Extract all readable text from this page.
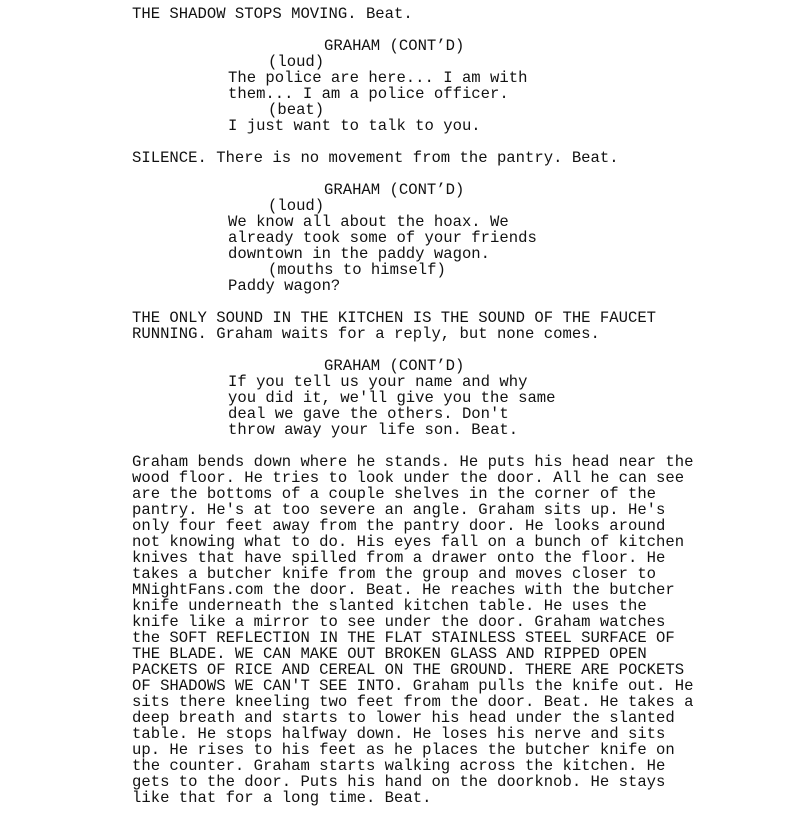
THE SHADOW STOPS MOVING. Beat.
GRAHAM (CONT’D)
(loud)
The police are here... I am with
them... I am a police officer.
(beat)
I just want to talk to you.
SILENCE. There is no movement from the pantry. Beat.
GRAHAM (CONT’D)
(loud)
We know all about the hoax. We
already took some of your friends
downtown in the paddy wagon.
(mouths to himself)
Paddy wagon?
THE ONLY SOUND IN THE KITCHEN IS THE SOUND OF THE FAUCET
RUNNING. Graham waits for a reply, but none comes.
GRAHAM (CONT’D)
If you tell us your name and why
you did it, we'll give you the same
deal we gave the others. Don't
throw away your life son. Beat.
Graham bends down where he stands. He puts his head near the
wood floor. He tries to look under the door. All he can see
are the bottoms of a couple shelves in the corner of the
pantry. He's at too severe an angle. Graham sits up. He's
only four feet away from the pantry door. He looks around
not knowing what to do. His eyes fall on a bunch of kitchen
knives that have spilled from a drawer onto the floor. He
takes a butcher knife from the group and moves closer to
MNightFans.com the door. Beat. He reaches with the butcher
knife underneath the slanted kitchen table. He uses the
knife like a mirror to see under the door. Graham watches
the SOFT REFLECTION IN THE FLAT STAINLESS STEEL SURFACE OF
THE BLADE. WE CAN MAKE OUT BROKEN GLASS AND RIPPED OPEN
PACKETS OF RICE AND CEREAL ON THE GROUND. THERE ARE POCKETS
OF SHADOWS WE CAN'T SEE INTO. Graham pulls the knife out. He
sits there kneeling two feet from the door. Beat. He takes a
deep breath and starts to lower his head under the slanted
table. He stops halfway down. He loses his nerve and sits
up. He rises to his feet as he places the butcher knife on
the counter. Graham starts walking across the kitchen. He
gets to the door. Puts his hand on the doorknob. He stays
like that for a long time. Beat.
